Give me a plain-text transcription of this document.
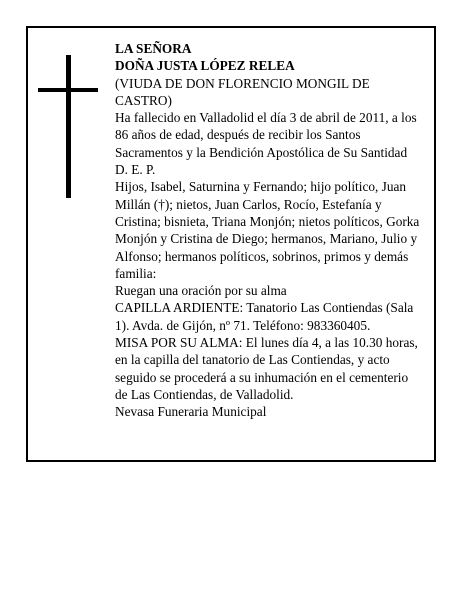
LA SEÑORA

DOÑA JUSTA LÓPEZ RELEA

(VIUDA DE DON FLORENCIO MONGIL DE CASTRO)

Ha fallecido en Valladolid el día 3 de abril de 2011, a los 86 años de edad, después de recibir los Santos Sacramentos y la Bendición Apostólica de Su Santidad D. E. P.

Hijos, Isabel, Saturnina y Fernando; hijo político, Juan Millán (†); nietos, Juan Carlos, Rocío, Estefanía y Cristina; bisnieta, Triana Monjón; nietos políticos, Gorka Monjón y Cristina de Diego; hermanos, Mariano, Julio y Alfonso; hermanos políticos, sobrinos, primos y demás familia:

Ruegan una oración por su alma

CAPILLA ARDIENTE: Tanatorio Las Contiendas (Sala 1). Avda. de Gijón, nº 71. Teléfono: 983360405.

MISA POR SU ALMA: El lunes día 4, a las 10.30 horas, en la capilla del tanatorio de Las Contiendas, y acto seguido se procederá a su inhumación en el cementerio de Las Contiendas, de Valladolid.

Nevasa Funeraria Municipal
